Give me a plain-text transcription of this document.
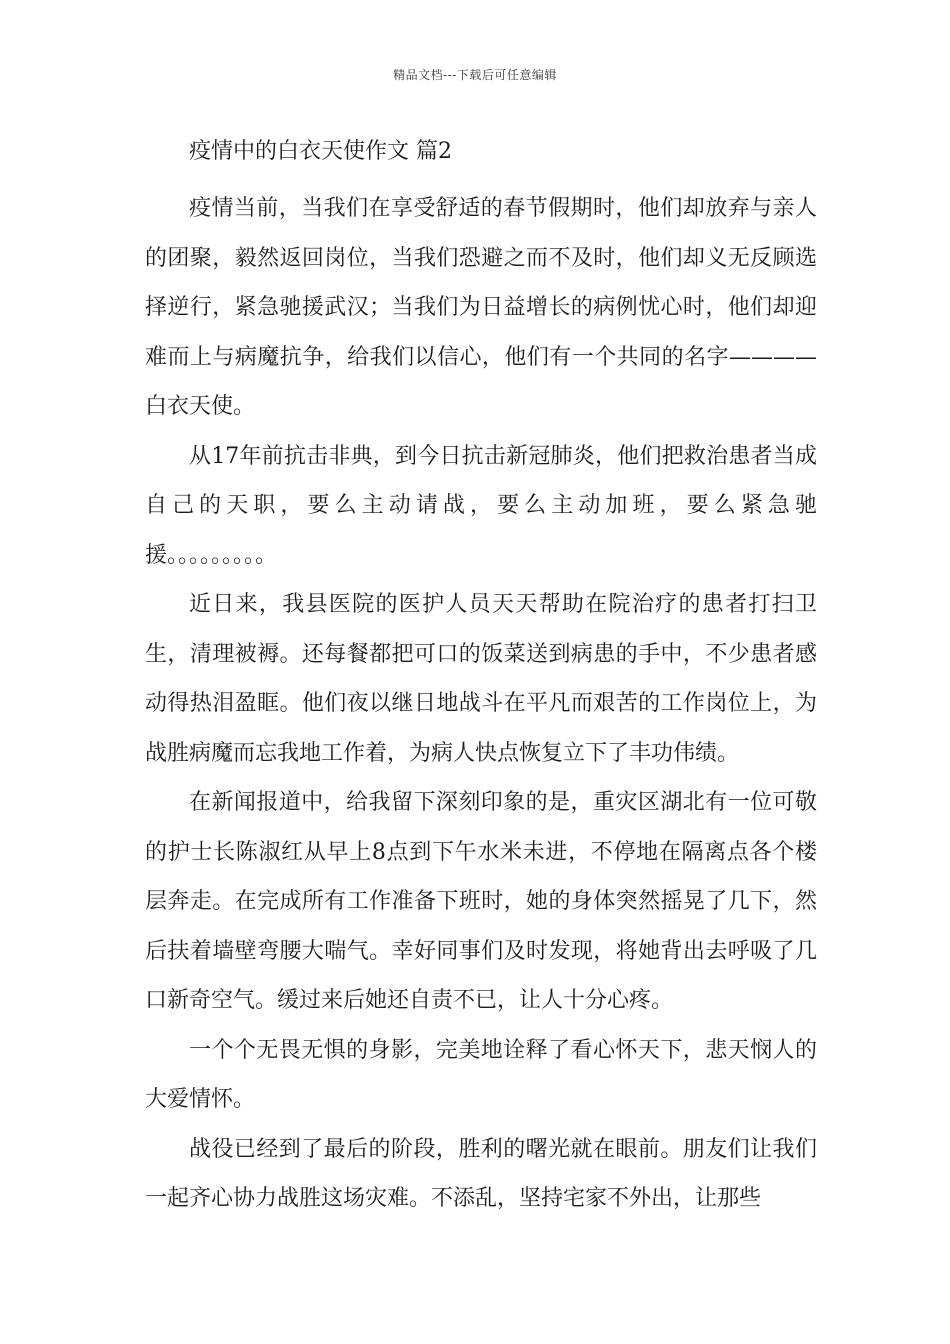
精品文档---下载后可任意编辑
疫情中的白衣天使作文 篇2

疫情当前，当我们在享受舒适的春节假期时，他们却放弃与亲人的团聚，毅然返回岗位，当我们恐避之而不及时，他们却义无反顾选择逆行，紧急驰援武汉；当我们为日益增长的病例忧心时，他们却迎难而上与病魔抗争，给我们以信心，他们有一个共同的名字————白衣天使。

从17年前抗击非典，到今日抗击新冠肺炎，他们把救治患者当成自己的天职，要么主动请战，要么主动加班，要么紧急驰援。。。。。。。。。

近日来，我县医院的医护人员天天帮助在院治疗的患者打扫卫生，清理被褥。还每餐都把可口的饭菜送到病患的手中，不少患者感动得热泪盈眶。他们夜以继日地战斗在平凡而艰苦的工作岗位上，为战胜病魔而忘我地工作着，为病人快点恢复立下了丰功伟绩。

在新闻报道中，给我留下深刻印象的是，重灾区湖北有一位可敬的护士长陈淑红从早上8点到下午水米未进，不停地在隔离点各个楼层奔走。在完成所有工作准备下班时，她的身体突然摇晃了几下，然后扶着墙壁弯腰大喘气。幸好同事们及时发现，将她背出去呼吸了几口新奇空气。缓过来后她还自责不已，让人十分心疼。

一个个无畏无惧的身影，完美地诠释了看心怀天下，悲天悯人的大爱情怀。

战役已经到了最后的阶段，胜利的曙光就在眼前。朋友们让我们一起齐心协力战胜这场灾难。不添乱，坚持宅家不外出，让那些
